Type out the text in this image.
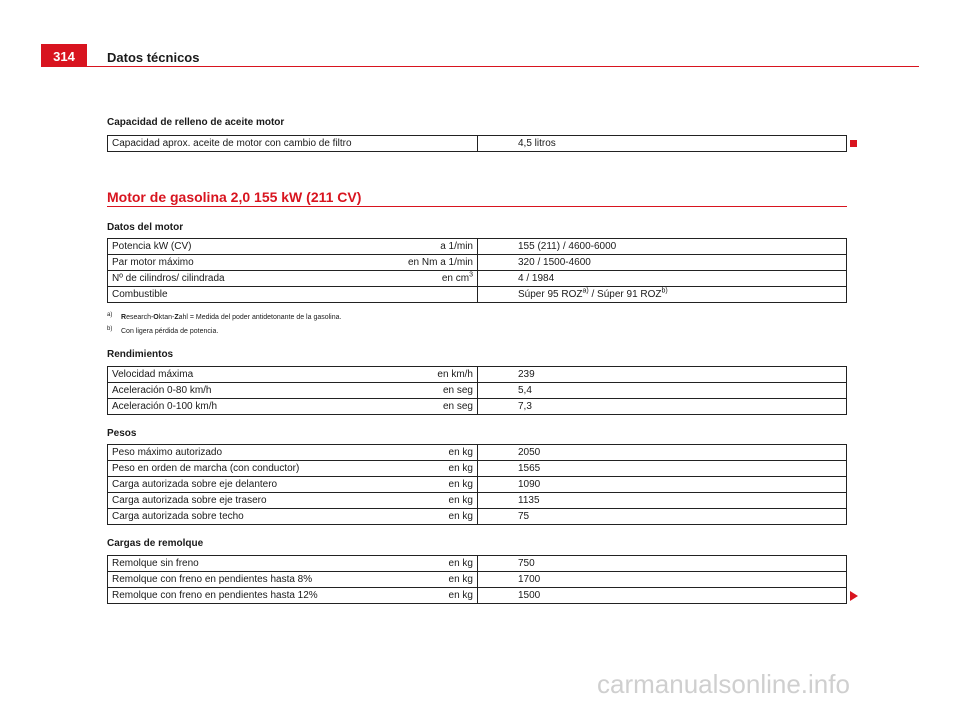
314	Datos técnicos
Capacidad de relleno de aceite motor
Capacidad aprox. aceite de motor con cambio de filtro	4,5 litros
Motor de gasolina 2,0 155 kW (211 CV)
Datos del motor
Potencia kW (CV)	a 1/min	155 (211) / 4600-6000
Par motor máximo	en Nm a 1/min	320 / 1500-4600
Nº de cilindros/ cilindrada	en $cm^3$	4 / 1984
Combustible		Súper 95 ROZ$^{a)}$ / Súper 91 ROZ$^{b)}$
a) Research-Oktan-Zahl = Medida del poder antidetonante de la gasolina.
b) Con ligera pérdida de potencia.
Rendimientos
Velocidad máxima	en km/h	239
Aceleración 0-80 km/h	en seg	5,4
Aceleración 0-100 km/h	en seg	7,3
Pesos
Peso máximo autorizado	en kg	2050
Peso en orden de marcha (con conductor)	en kg	1565
Carga autorizada sobre eje delantero	en kg	1090
Carga autorizada sobre eje trasero	en kg	1135
Carga autorizada sobre techo	en kg	75
Cargas de remolque
Remolque sin freno	en kg	750
Remolque con freno en pendientes hasta 8%	en kg	1700
Remolque con freno en pendientes hasta 12%	en kg	1500
carmanualsonline.info
